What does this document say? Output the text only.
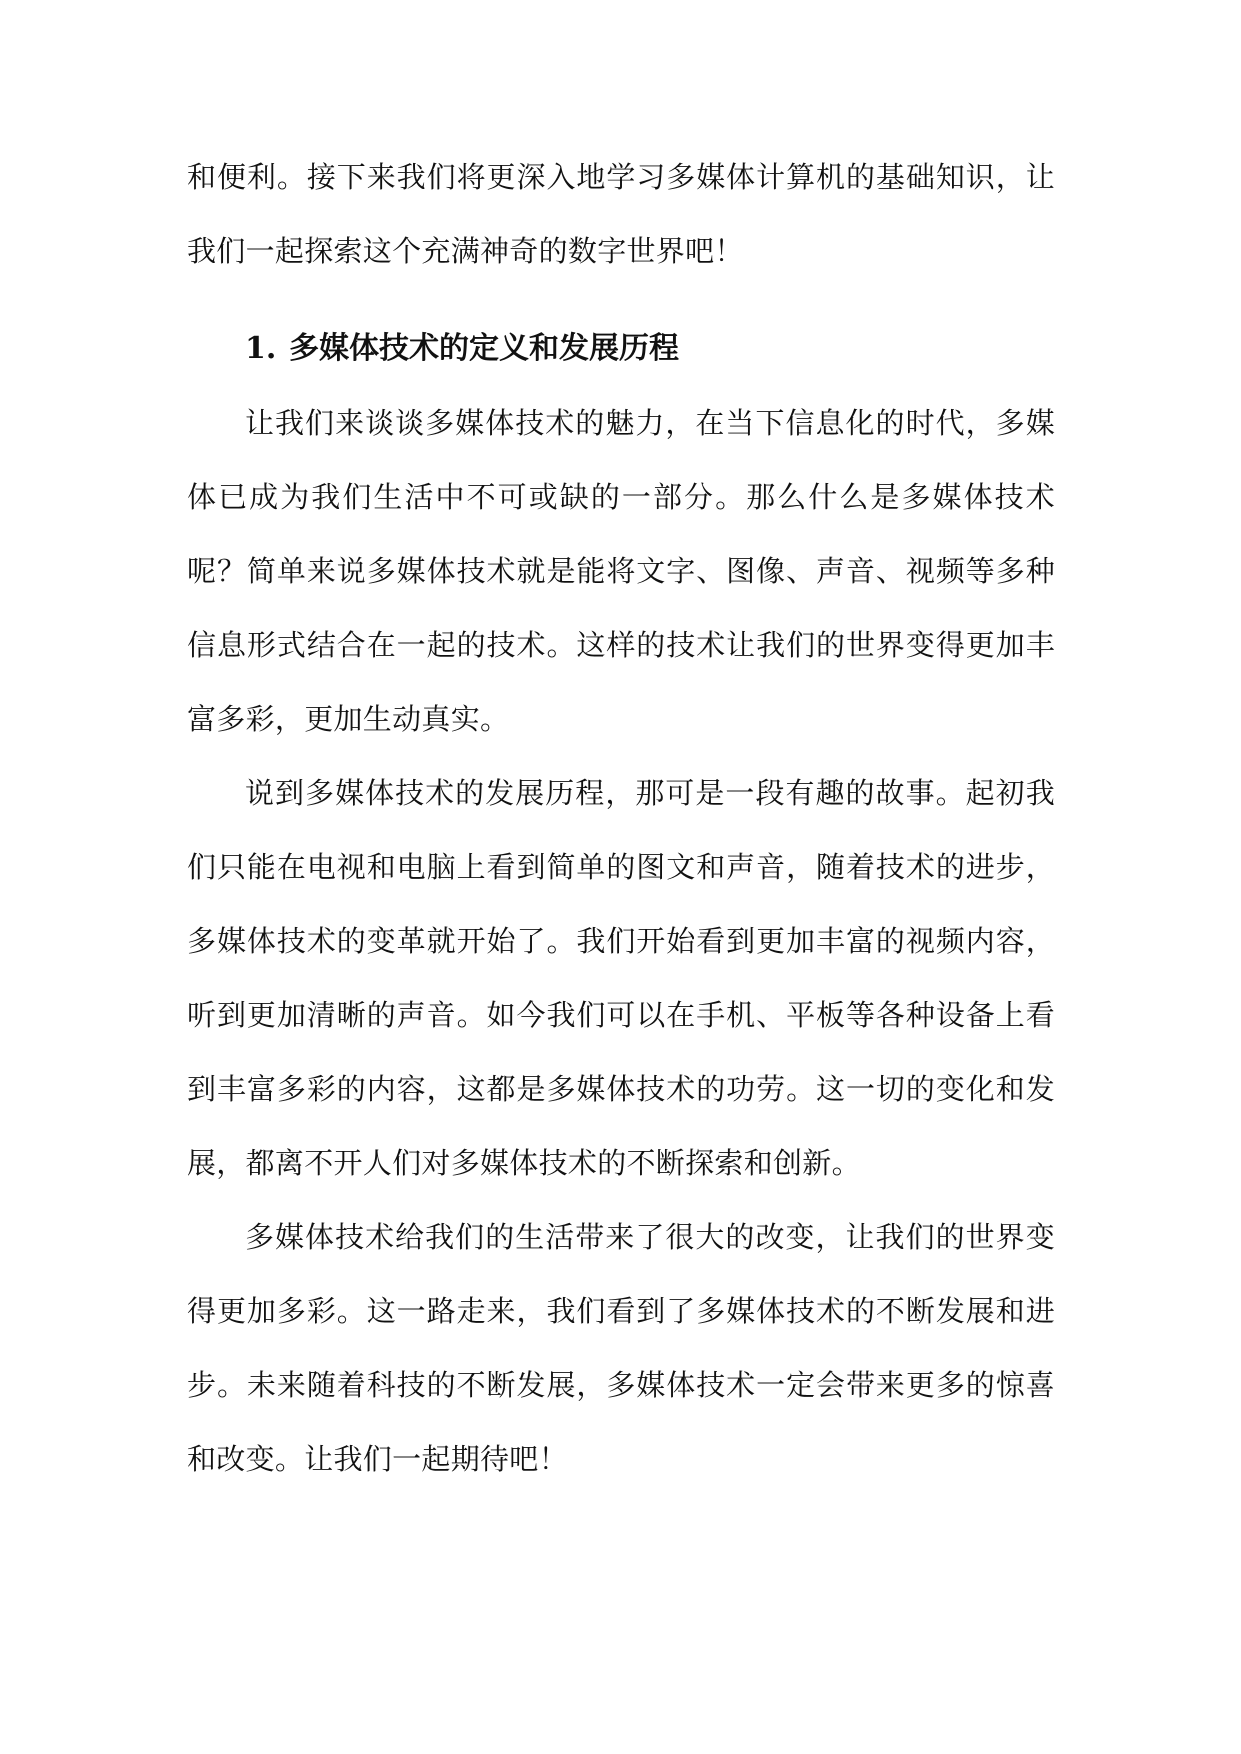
和便利。接下来我们将更深入地学习多媒体计算机的基础知识，让我们一起探索这个充满神奇的数字世界吧！

1. 多媒体技术的定义和发展历程

让我们来谈谈多媒体技术的魅力，在当下信息化的时代，多媒体已成为我们生活中不可或缺的一部分。那么什么是多媒体技术呢？简单来说多媒体技术就是能将文字、图像、声音、视频等多种信息形式结合在一起的技术。这样的技术让我们的世界变得更加丰富多彩，更加生动真实。

说到多媒体技术的发展历程，那可是一段有趣的故事。起初我们只能在电视和电脑上看到简单的图文和声音，随着技术的进步，多媒体技术的变革就开始了。我们开始看到更加丰富的视频内容，听到更加清晰的声音。如今我们可以在手机、平板等各种设备上看到丰富多彩的内容，这都是多媒体技术的功劳。这一切的变化和发展，都离不开人们对多媒体技术的不断探索和创新。

多媒体技术给我们的生活带来了很大的改变，让我们的世界变得更加多彩。这一路走来，我们看到了多媒体技术的不断发展和进步。未来随着科技的不断发展，多媒体技术一定会带来更多的惊喜和改变。让我们一起期待吧！
